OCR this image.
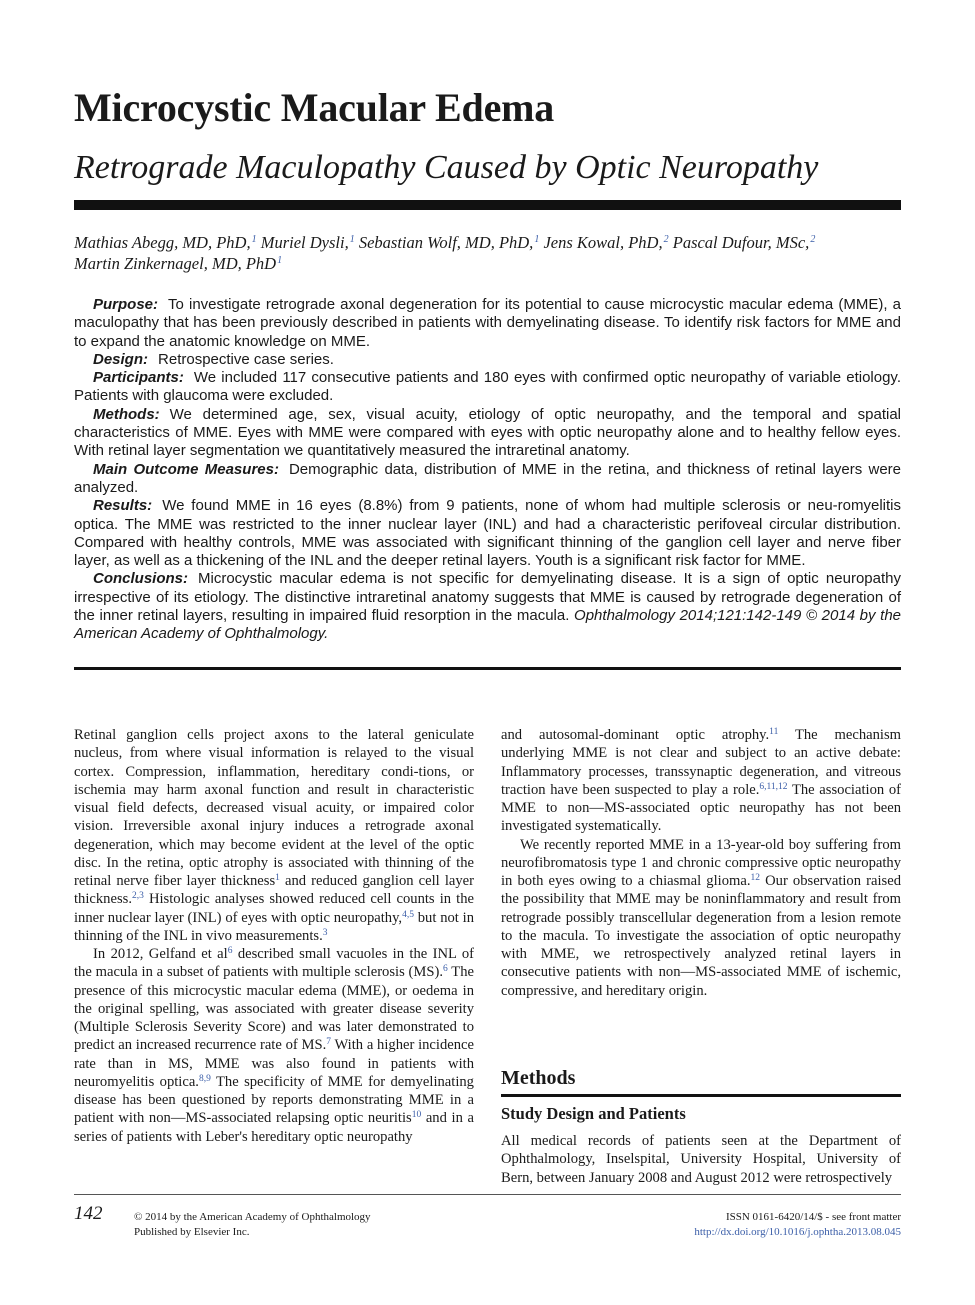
Microcystic Macular Edema
Retrograde Maculopathy Caused by Optic Neuropathy
Mathias Abegg, MD, PhD,$^1$ Muriel Dysli,$^1$ Sebastian Wolf, MD, PhD,$^1$ Jens Kowal, PhD,$^2$ Pascal Dufour, MSc,$^2$
Martin Zinkernagel, MD, PhD$^1$

Purpose: To investigate retrograde axonal degeneration for its potential to cause microcystic macular edema (MME), a maculopathy that has been previously described in patients with demyelinating disease. To identify risk factors for MME and to expand the anatomic knowledge on MME.

Design: Retrospective case series.

Participants: We included 117 consecutive patients and 180 eyes with confirmed optic neuropathy of variable etiology. Patients with glaucoma were excluded.

Methods: We determined age, sex, visual acuity, etiology of optic neuropathy, and the temporal and spatial characteristics of MME. Eyes with MME were compared with eyes with optic neuropathy alone and to healthy fellow eyes. With retinal layer segmentation we quantitatively measured the intraretinal anatomy.

Main Outcome Measures: Demographic data, distribution of MME in the retina, and thickness of retinal layers were analyzed.

Results: We found MME in 16 eyes (8.8%) from 9 patients, none of whom had multiple sclerosis or neu-romyelitis optica. The MME was restricted to the inner nuclear layer (INL) and had a characteristic perifoveal circular distribution. Compared with healthy controls, MME was associated with significant thinning of the ganglion cell layer and nerve fiber layer, as well as a thickening of the INL and the deeper retinal layers. Youth is a significant risk factor for MME.

Conclusions: Microcystic macular edema is not specific for demyelinating disease. It is a sign of optic neuropathy irrespective of its etiology. The distinctive intraretinal anatomy suggests that MME is caused by retrograde degeneration of the inner retinal layers, resulting in impaired fluid resorption in the macula. Ophthalmology 2014;121:142-149 © 2014 by the American Academy of Ophthalmology.

Retinal ganglion cells project axons to the lateral geniculate nucleus, from where visual information is relayed to the visual cortex. Compression, inflammation, hereditary condi-tions, or ischemia may harm axonal function and result in characteristic visual field defects, decreased visual acuity, or impaired color vision. Irreversible axonal injury induces a retrograde axonal degeneration, which may become evident at the level of the optic disc. In the retina, optic atrophy is associated with thinning of the retinal nerve fiber layer thickness$^1$ and reduced ganglion cell layer thickness.$^{2,3}$ Histologic analyses showed reduced cell counts in the inner nuclear layer (INL) of eyes with optic neuropathy,$^{4,5}$ but not in thinning of the INL in vivo measurements.$^3$

In 2012, Gelfand et $al^6$ described small vacuoles in the INL of the macula in a subset of patients with multiple sclerosis (MS).$^6$ The presence of this microcystic macular edema (MME), or oedema in the original spelling, was associated with greater disease severity (Multiple Sclerosis Severity Score) and was later demonstrated to predict an increased recurrence rate of MS.$^7$ With a higher incidence rate than in MS, MME was also found in patients with neuromyelitis optica.$^{8,9}$ The specificity of MME for demyelinating disease has been questioned by reports demonstrating MME in a patient with non—MS-associated relapsing optic neuritis$^{10}$ and in a series of patients with Leber's hereditary optic neuropathy

and autosomal-dominant optic atrophy.$^{11}$ The mechanism underlying MME is not clear and subject to an active debate: Inflammatory processes, transsynaptic degeneration, and vitreous traction have been suspected to play a role.$^{6,11,12}$ The association of MME to non—MS-associated optic neuropathy has not been investigated systematically.

We recently reported MME in a 13-year-old boy suffering from neurofibromatosis type 1 and chronic compressive optic neuropathy in both eyes owing to a chiasmal glioma.$^{12}$ Our observation raised the possibility that MME may be noninflammatory and result from retrograde possibly transcellular degeneration from a lesion remote to the macula. To investigate the association of optic neuropathy with MME, we retrospectively analyzed retinal layers in consecutive patients with non—MS-associated MME of ischemic, compressive, and hereditary origin.

Methods
Study Design and Patients

All medical records of patients seen at the Department of Ophthalmology, Inselspital, University Hospital, University of Bern, between January 2008 and August 2012 were retrospectively

142	© 2014 by the American Academy of Ophthalmology
Published by Elsevier Inc.
ISSN 0161-6420/14/$ - see front matter
http://dx.doi.org/10.1016/j.ophtha.2013.08.045
